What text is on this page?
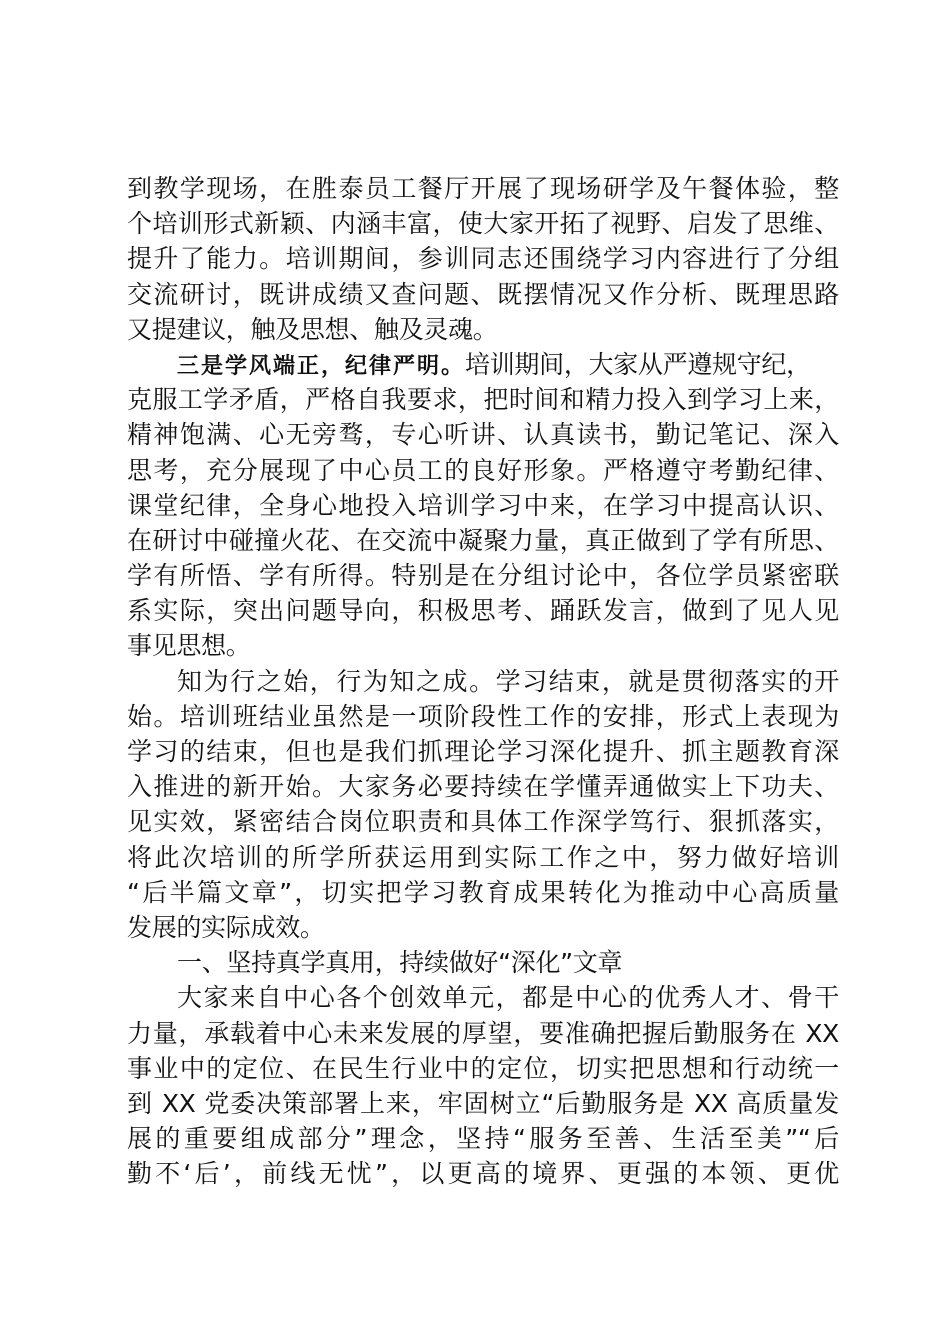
到教学现场，在胜泰员工餐厅开展了现场研学及午餐体验，整
个培训形式新颖、内涵丰富，使大家开拓了视野、启发了思维、
提升了能力。培训期间，参训同志还围绕学习内容进行了分组
交流研讨，既讲成绩又查问题、既摆情况又作分析、既理思路
又提建议，触及思想、触及灵魂。
三是学风端正，纪律严明。培训期间，大家从严遵规守纪，
克服工学矛盾，严格自我要求，把时间和精力投入到学习上来，
精神饱满、心无旁骛，专心听讲、认真读书，勤记笔记、深入
思考，充分展现了中心员工的良好形象。严格遵守考勤纪律、
课堂纪律，全身心地投入培训学习中来，在学习中提高认识、
在研讨中碰撞火花、在交流中凝聚力量，真正做到了学有所思、
学有所悟、学有所得。特别是在分组讨论中，各位学员紧密联
系实际，突出问题导向，积极思考、踊跃发言，做到了见人见
事见思想。
知为行之始，行为知之成。学习结束，就是贯彻落实的开
始。培训班结业虽然是一项阶段性工作的安排，形式上表现为
学习的结束，但也是我们抓理论学习深化提升、抓主题教育深
入推进的新开始。大家务必要持续在学懂弄通做实上下功夫、
见实效，紧密结合岗位职责和具体工作深学笃行、狠抓落实，
将此次培训的所学所获运用到实际工作之中，努力做好培训
“后半篇文章”，切实把学习教育成果转化为推动中心高质量
发展的实际成效。
一、坚持真学真用，持续做好“深化”文章
大家来自中心各个创效单元，都是中心的优秀人才、骨干
力量，承载着中心未来发展的厚望，要准确把握后勤服务在 XX
事业中的定位、在民生行业中的定位，切实把思想和行动统一
到 XX 党委决策部署上来，牢固树立“后勤服务是 XX 高质量发
展的重要组成部分”理念，坚持“服务至善、生活至美”“后
勤不‘后’，前线无忧”，以更高的境界、更强的本领、更优
